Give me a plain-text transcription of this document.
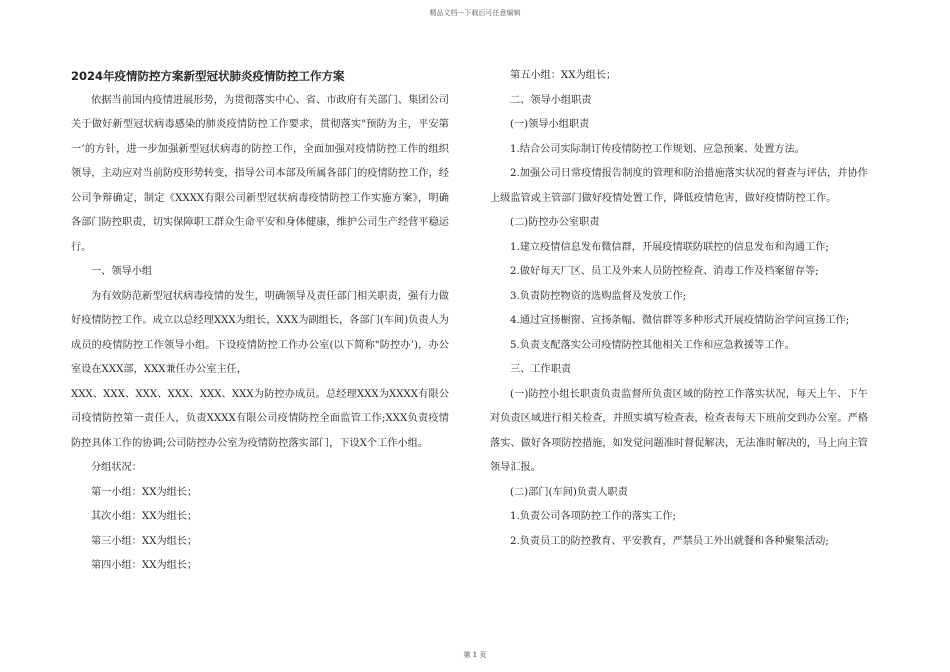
精品文档---下载后可任意编辑
2024年疫情防控方案新型冠状肺炎疫情防控工作方案

依据当前国内疫情进展形势，为贯彻落实中心、省、市政府有关部门、集团公司关于做好新型冠状病毒感染的肺炎疫情防控工作要求，贯彻落实"预防为主，平安第一’的方针，进一步加强新型冠状病毒的防控工作，全面加强对疫情防控工作的组织领导，主动应对当前防疫形势转变，指导公司本部及所属各部门的疫情防控工作，经公司争辩确定，制定《XXXX有限公司新型冠状病毒疫情防控工作实施方案》，明确各部门防控职责，切实保障职工群众生命平安和身体健康，维护公司生产经营平稳运行。

一、领导小组

为有效防范新型冠状病毒疫情的发生，明确领导及责任部门相关职责，强有力做好疫情防控工作。成立以总经理XXX为组长，XXX为副组长，各部门(车间)负责人为成员的疫情防控工作领导小组。下设疫情防控工作办公室(以下简称"防控办’)，办公室设在XXX部，XXX兼任办公室主任，

XXX、XXX、XXX、XXX、XXX、XXX为防控办成员。总经理XXX为XXXX有限公司疫情防控第一责任人，负责XXXX有限公司疫情防控全面监管工作;XXX负责疫情防控具体工作的协调;公司防控办公室为疫情防控落实部门，下设X个工作小组。

分组状况：

第一小组：XX为组长；

其次小组：XX为组长；

第三小组：XX为组长；

第四小组：XX为组长；

第五小组：XX为组长；

二、领导小组职责

(一)领导小组职责

1.结合公司实际制订传疫情防控工作规划、应急预案、处置方法。

2.加强公司日常疫情报告制度的管理和防治措施落实状况的督查与评估，并协作上级监管或主管部门做好疫情处置工作，降低疫情危害，做好疫情防控工作。

(二)防控办公室职责

1.建立疫情信息发布微信群，开展疫情联防联控的信息发布和沟通工作;

2.做好每天厂区、员工及外来人员防控检查、消毒工作及档案留存等;

3.负责防控物资的选购监督及发放工作;

4.通过宣扬橱窗、宣扬条幅、微信群等多种形式开展疫情防治学问宣扬工作;

5.负责支配落实公司疫情防控其他相关工作和应急救援等工作。

三、工作职责

(一)防控小组长职责负责监督所负责区域的防控工作落实状况，每天上午、下午对负责区域进行相关检查，并照实填写检查表，检查表每天下班前交到办公室。严格落实、做好各项防控措施，如发觉问题准时督促解决，无法准时解决的，马上向主管领导汇报。

(二)部门(车间)负责人职责

1.负责公司各项防控工作的落实工作;

2.负责员工的防控教育、平安教育，严禁员工外出就餐和各种聚集活动;

第 1 页
